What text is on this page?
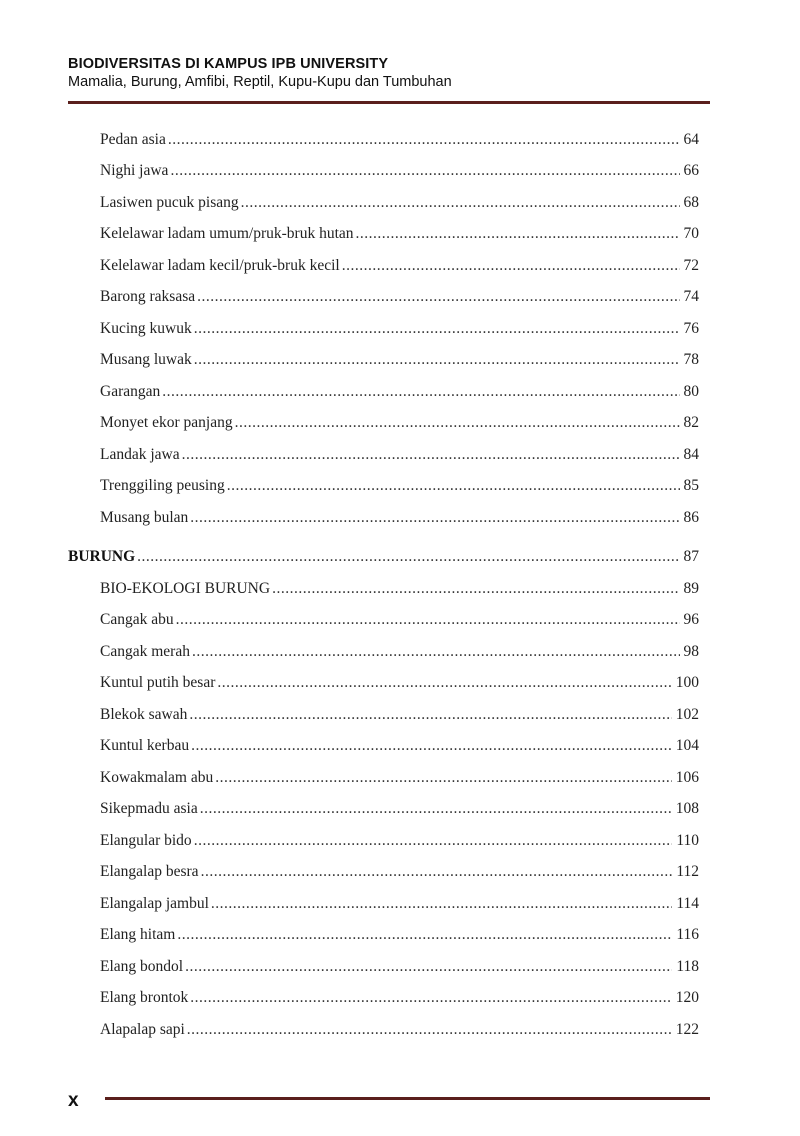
BIODIVERSITAS DI KAMPUS IPB UNIVERSITY
Mamalia, Burung, Amfibi, Reptil, Kupu-Kupu dan Tumbuhan
Pedan asia .....	64
Nighi jawa .....	66
Lasiwen pucuk pisang .....	68
Kelelawar ladam umum/pruk-bruk hutan .....	70
Kelelawar ladam kecil/pruk-bruk kecil .....	72
Barong raksasa .....	74
Kucing kuwuk .....	76
Musang luwak .....	78
Garangan .....	80
Monyet ekor panjang .....	82
Landak jawa .....	84
Trenggiling peusing .....	85
Musang bulan .....	86
BURUNG .....	87
BIO-EKOLOGI BURUNG .....	89
Cangak abu .....	96
Cangak merah .....	98
Kuntul putih besar .....	100
Blekok sawah .....	102
Kuntul kerbau .....	104
Kowakmalam abu .....	106
Sikepmadu asia .....	108
Elangular bido .....	110
Elangalap besra .....	112
Elangalap jambul .....	114
Elang hitam .....	116
Elang bondol .....	118
Elang brontok .....	120
Alapalap sapi .....	122
x
